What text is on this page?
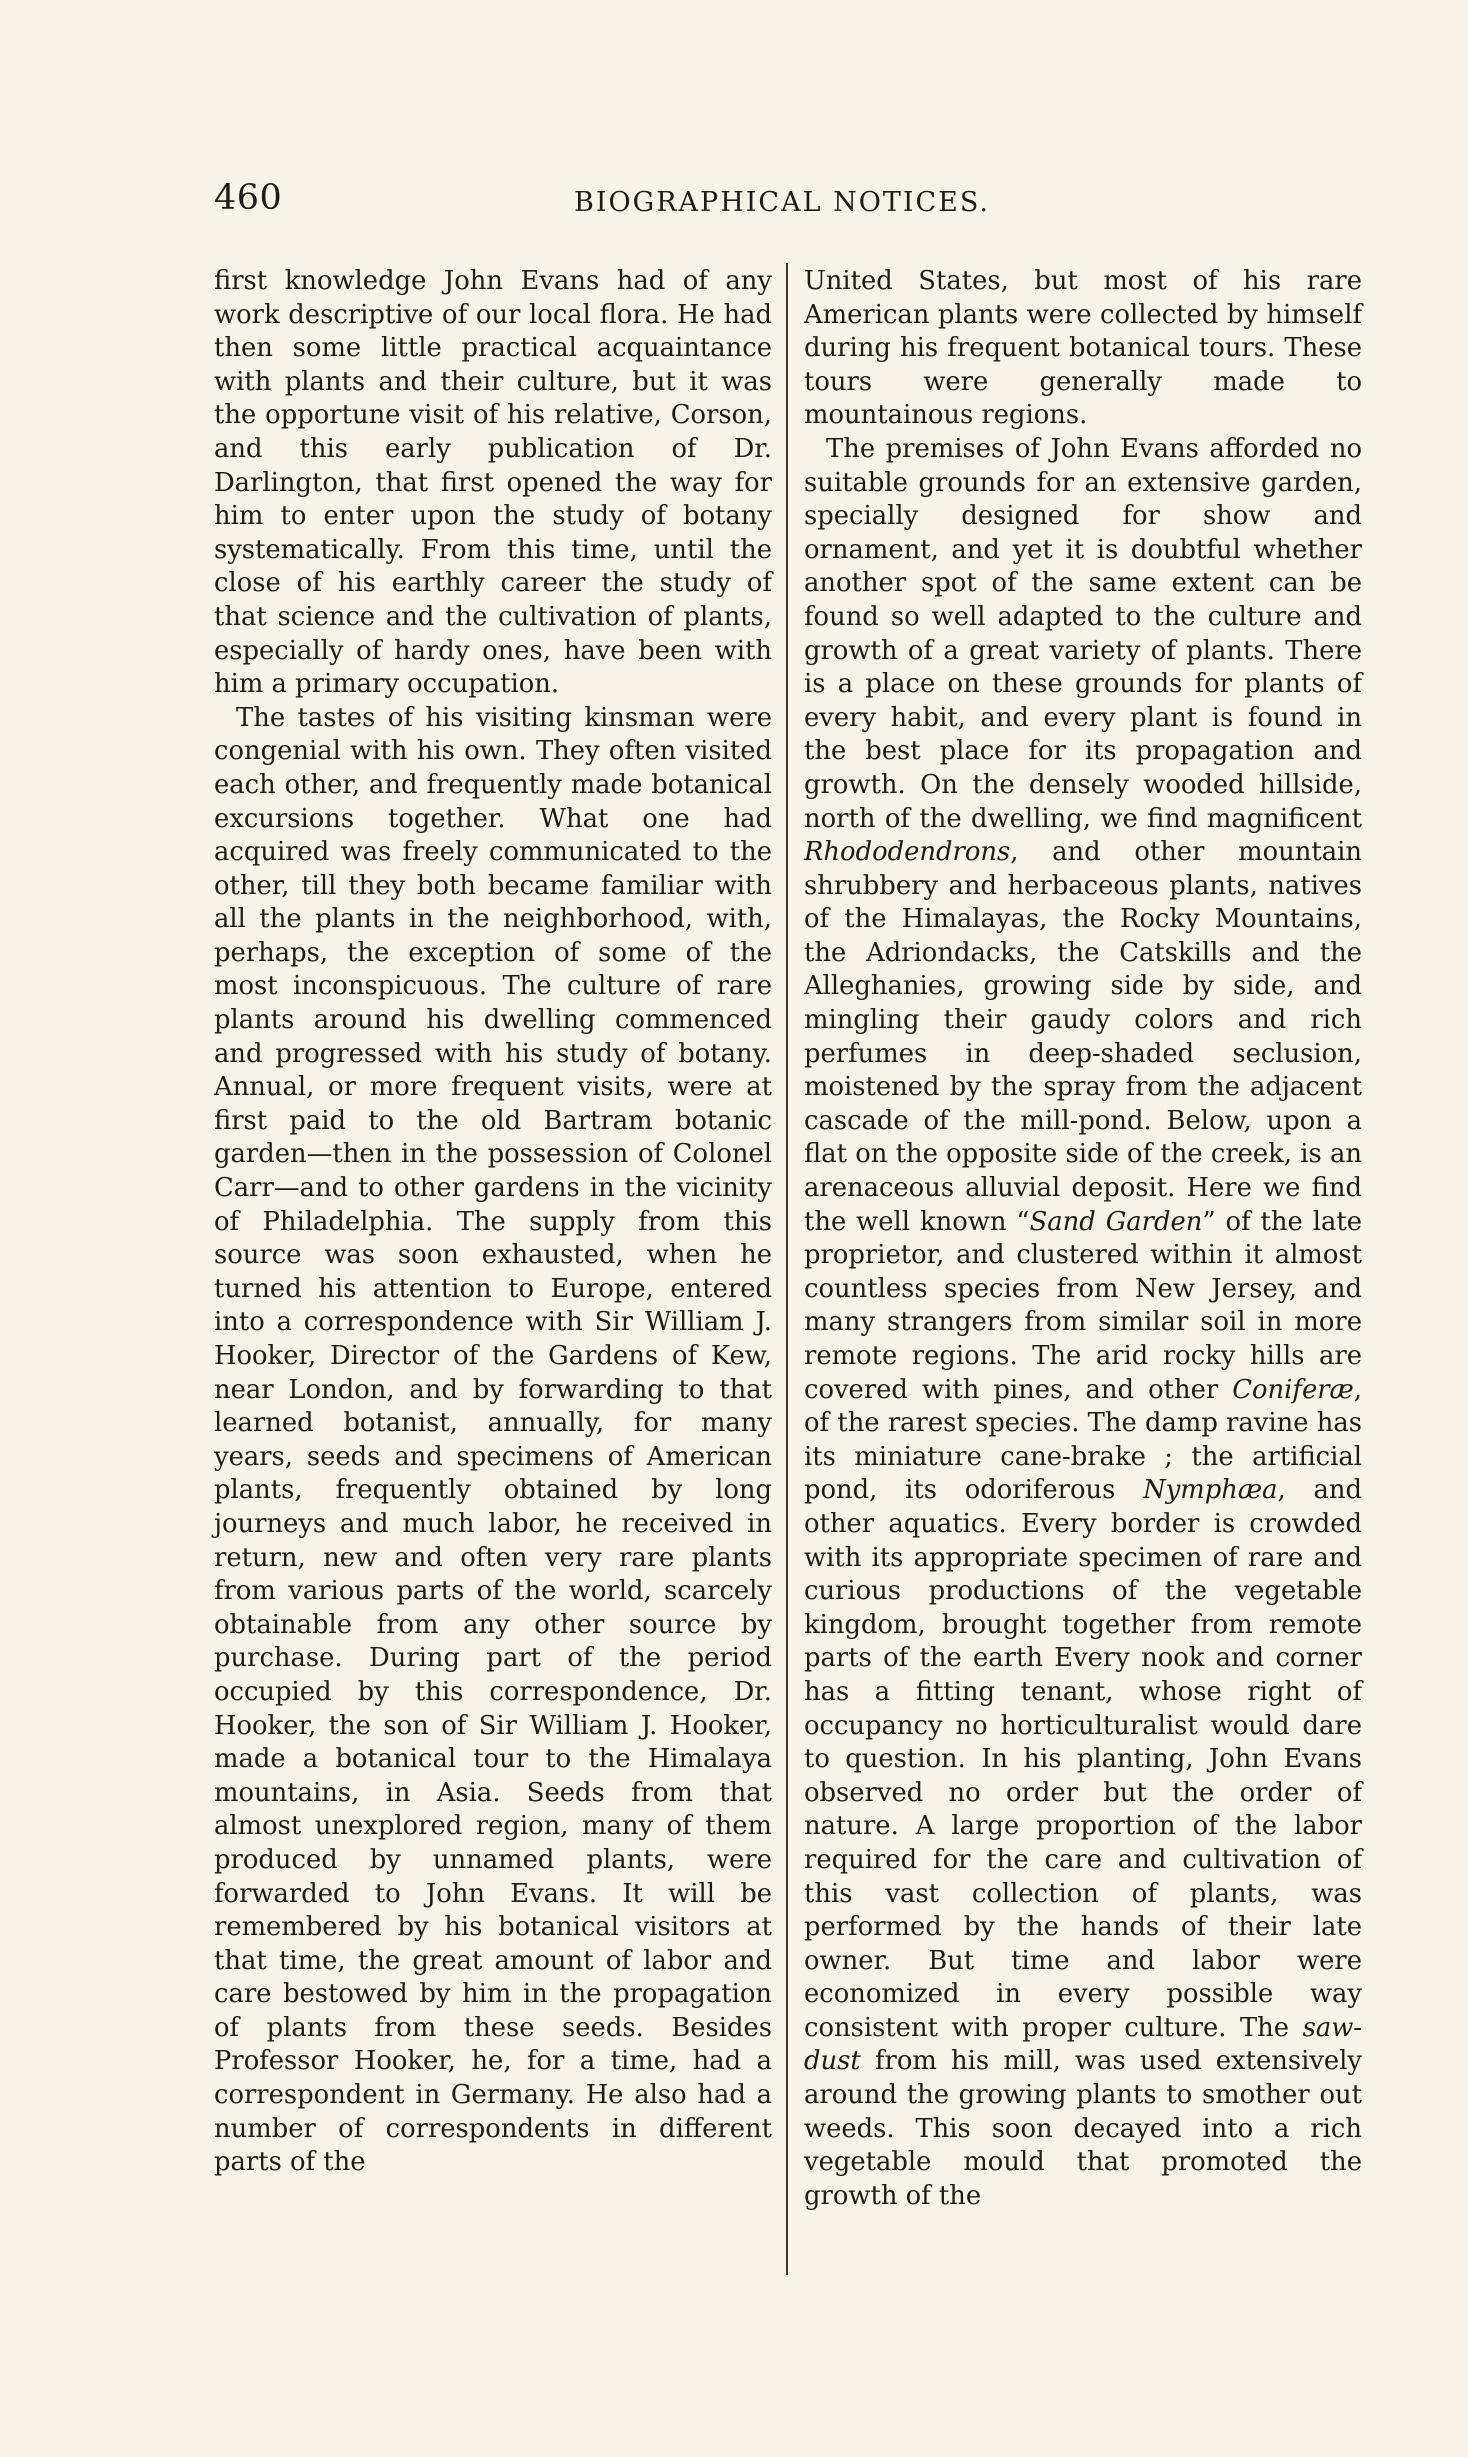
460	BIOGRAPHICAL NOTICES.

first knowledge John Evans had of any work descriptive of our local flora. He had then some little practical acquaintance with plants and their culture, but it was the opportune visit of his relative, Corson, and this early publication of Dr. Darlington, that first opened the way for him to enter upon the study of botany systematically. From this time, until the close of his earthly career the study of that science and the cultivation of plants, especially of hardy ones, have been with him a primary occupation.

The tastes of his visiting kinsman were congenial with his own. They often visited each other, and frequently made botanical excursions together. What one had acquired was freely communicated to the other, till they both became familiar with all the plants in the neighborhood, with, perhaps, the exception of some of the most inconspicuous. The culture of rare plants around his dwelling commenced and progressed with his study of botany. Annual, or more frequent visits, were at first paid to the old Bartram botanic garden—then in the possession of Colonel Carr—and to other gardens in the vicinity of Philadelphia. The supply from this source was soon exhausted, when he turned his attention to Europe, entered into a correspondence with Sir William J. Hooker, Director of the Gardens of Kew, near London, and by forwarding to that learned botanist, annually, for many years, seeds and specimens of American plants, frequently obtained by long journeys and much labor, he received in return, new and often very rare plants from various parts of the world, scarcely obtainable from any other source by purchase. During part of the period occupied by this correspondence, Dr. Hooker, the son of Sir William J. Hooker, made a botanical tour to the Himalaya mountains, in Asia. Seeds from that almost unexplored region, many of them produced by unnamed plants, were forwarded to John Evans. It will be remembered by his botanical visitors at that time, the great amount of labor and care bestowed by him in the propagation of plants from these seeds. Besides Professor Hooker, he, for a time, had a correspondent in Germany. He also had a number of correspondents in different parts of the

United States, but most of his rare American plants were collected by himself during his frequent botanical tours. These tours were generally made to mountainous regions.

The premises of John Evans afforded no suitable grounds for an extensive garden, specially designed for show and ornament, and yet it is doubtful whether another spot of the same extent can be found so well adapted to the culture and growth of a great variety of plants. There is a place on these grounds for plants of every habit, and every plant is found in the best place for its propagation and growth. On the densely wooded hillside, north of the dwelling, we find magnificent Rhododendrons, and other mountain shrubbery and herbaceous plants, natives of the Himalayas, the Rocky Mountains, the Adriondacks, the Catskills and the Alleghanies, growing side by side, and mingling their gaudy colors and rich perfumes in deep-shaded seclusion, moistened by the spray from the adjacent cascade of the mill-pond. Below, upon a flat on the opposite side of the creek, is an arenaceous alluvial deposit. Here we find the well known “Sand Garden” of the late proprietor, and clustered within it almost countless species from New Jersey, and many strangers from similar soil in more remote regions. The arid rocky hills are covered with pines, and other Coniferæ, of the rarest species. The damp ravine has its miniature cane-brake ; the artificial pond, its odoriferous Nymphæa, and other aquatics. Every border is crowded with its appropriate specimen of rare and curious productions of the vegetable kingdom, brought together from remote parts of the earth Every nook and corner has a fitting tenant, whose right of occupancy no horticulturalist would dare to question. In his planting, John Evans observed no order but the order of nature. A large proportion of the labor required for the care and cultivation of this vast collection of plants, was performed by the hands of their late owner. But time and labor were economized in every possible way consistent with proper culture. The saw-dust from his mill, was used extensively around the growing plants to smother out weeds. This soon decayed into a rich vegetable mould that promoted the growth of the
